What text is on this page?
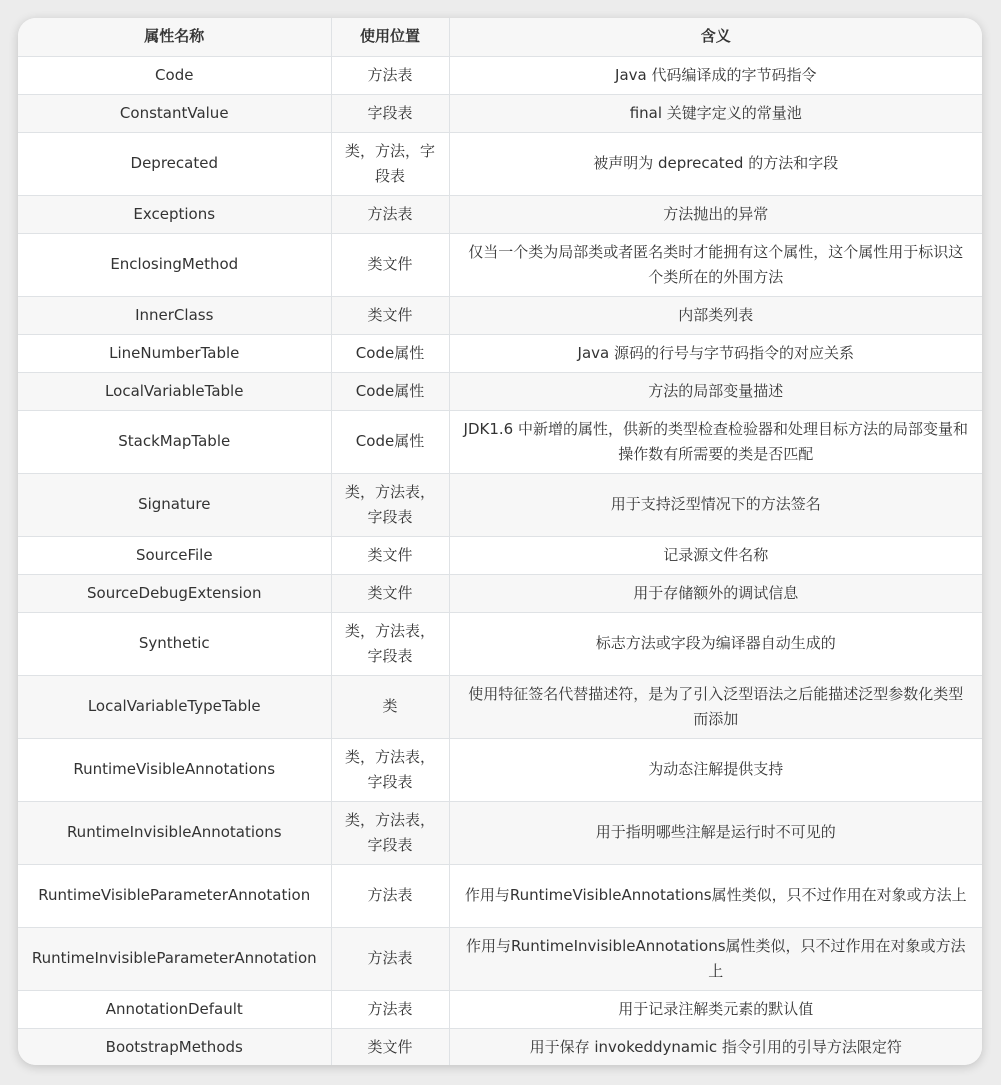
属性名称	使用位置	含义
Code	方法表	Java 代码编译成的字节码指令
ConstantValue	字段表	final 关键字定义的常量池
Deprecated	类，方法，字段表	被声明为 deprecated 的方法和字段
Exceptions	方法表	方法抛出的异常
EnclosingMethod	类文件	仅当一个类为局部类或者匿名类时才能拥有这个属性，这个属性用于标识这个类所在的外围方法
InnerClass	类文件	内部类列表
LineNumberTable	Code属性	Java 源码的行号与字节码指令的对应关系
LocalVariableTable	Code属性	方法的局部变量描述
StackMapTable	Code属性	JDK1.6 中新增的属性，供新的类型检查检验器和处理目标方法的局部变量和操作数有所需要的类是否匹配
Signature	类，方法表，字段表	用于支持泛型情况下的方法签名
SourceFile	类文件	记录源文件名称
SourceDebugExtension	类文件	用于存储额外的调试信息
Synthetic	类，方法表，字段表	标志方法或字段为编译器自动生成的
LocalVariableTypeTable	类	使用特征签名代替描述符，是为了引入泛型语法之后能描述泛型参数化类型而添加
RuntimeVisibleAnnotations	类，方法表，字段表	为动态注解提供支持
RuntimeInvisibleAnnotations	类，方法表，字段表	用于指明哪些注解是运行时不可见的
RuntimeVisibleParameterAnnotation	方法表	作用与RuntimeVisibleAnnotations属性类似，只不过作用在对象或方法上
RuntimeInvisibleParameterAnnotation	方法表	作用与RuntimeInvisibleAnnotations属性类似，只不过作用在对象或方法上
AnnotationDefault	方法表	用于记录注解类元素的默认值
BootstrapMethods	类文件	用于保存 invokeddynamic 指令引用的引导方法限定符
